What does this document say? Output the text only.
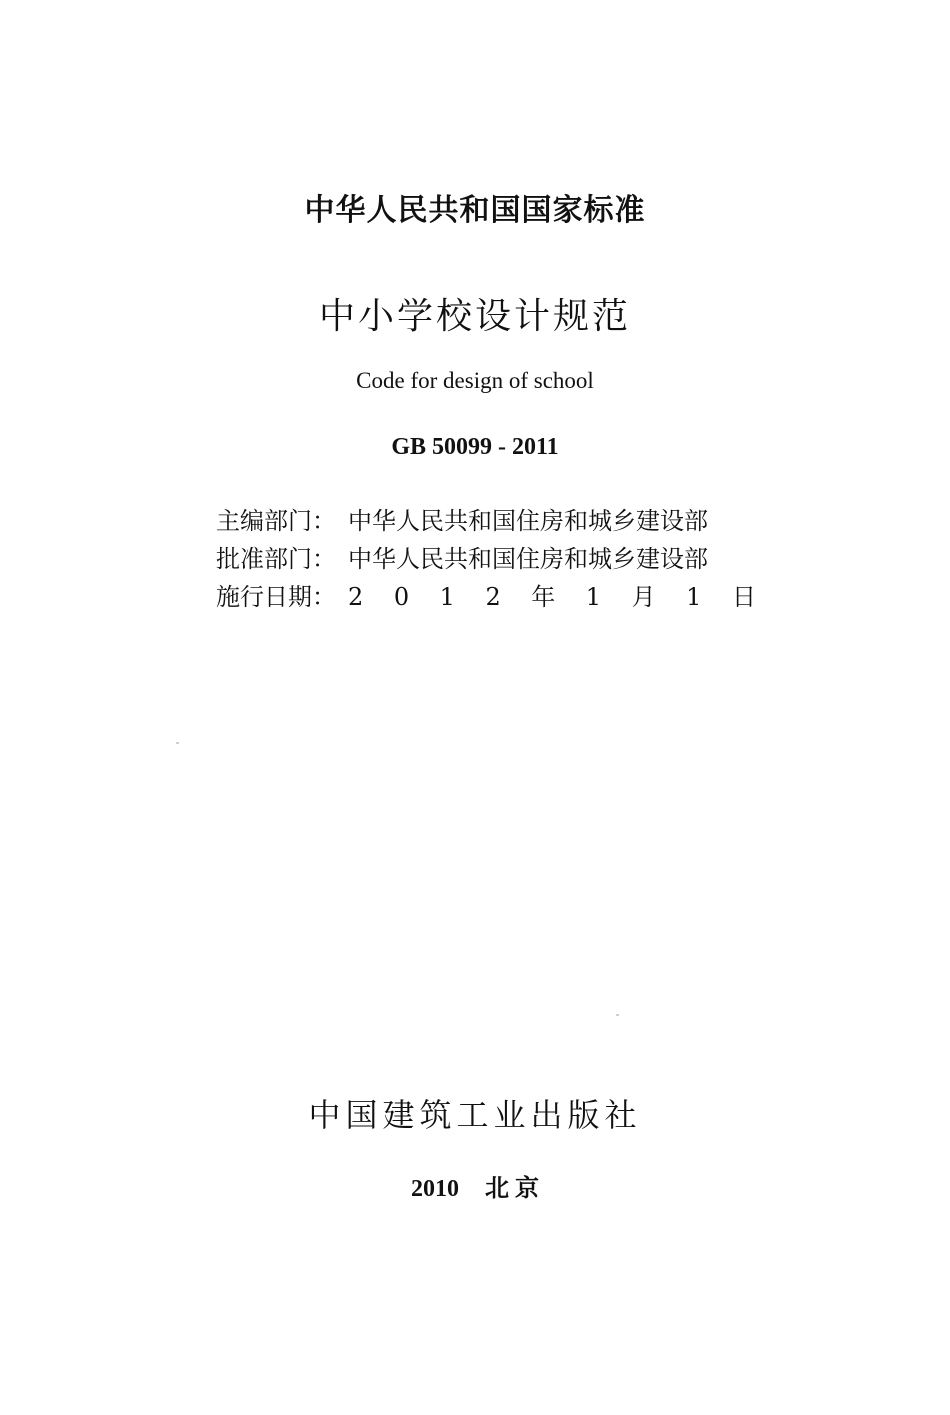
中华人民共和国国家标准
中小学校设计规范
Code for design of school
GB 50099 - 2011
主编部门： 中华人民共和国住房和城乡建设部
批准部门： 中华人民共和国住房和城乡建设部
施行日期： 2 0 1 2 年 1 月 1 日
中国建筑工业出版社
2010 北 京
